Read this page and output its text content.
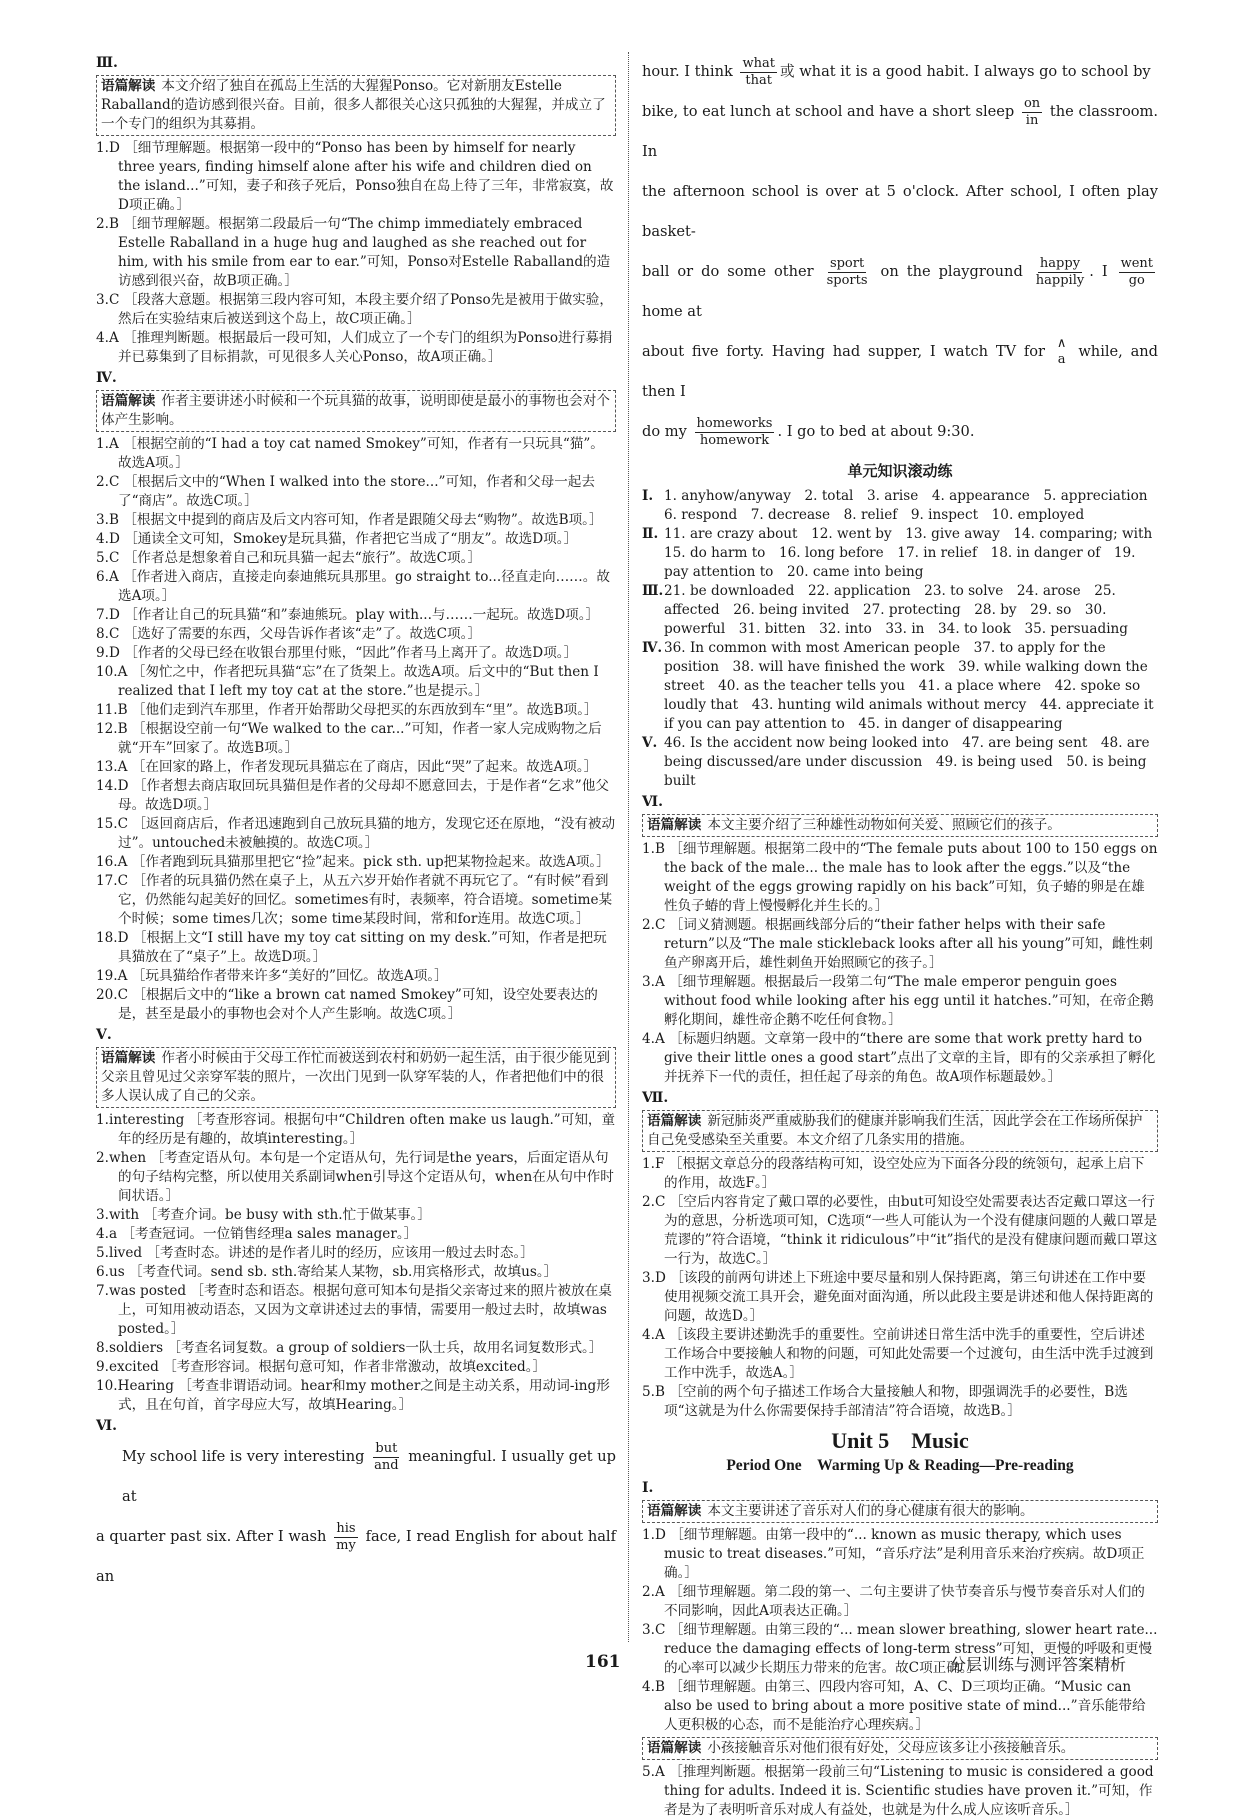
Ⅲ.
语篇解读 本文介绍了独自在孤岛上生活的大猩猩Ponso。它对新朋友Estelle Raballand的造访感到很兴奋。目前，很多人都很关心这只孤独的大猩猩，并成立了一个专门的组织为其募捐。

1.D ［细节理解题。根据第一段中的“Ponso has been by himself for nearly three years, finding himself alone after his wife and children died on the island...”可知，妻子和孩子死后，Ponso独自在岛上待了三年，非常寂寞，故D项正确。］

2.B ［细节理解题。根据第二段最后一句“The chimp immediately embraced Estelle Raballand in a huge hug and laughed as she reached out for him, with his smile from ear to ear.”可知，Ponso对Estelle Raballand的造访感到很兴奋，故B项正确。］

3.C ［段落大意题。根据第三段内容可知，本段主要介绍了Ponso先是被用于做实验，然后在实验结束后被送到这个岛上，故C项正确。］

4.A ［推理判断题。根据最后一段可知，人们成立了一个专门的组织为Ponso进行募捐并已募集到了目标捐款，可见很多人关心Ponso，故A项正确。］

Ⅳ.
语篇解读 作者主要讲述小时候和一个玩具猫的故事，说明即使是最小的事物也会对个体产生影响。

1.A ［根据空前的“I had a toy cat named Smokey”可知，作者有一只玩具“猫”。故选A项。］

2.C ［根据后文中的“When I walked into the store...”可知，作者和父母一起去了“商店”。故选C项。］

3.B ［根据文中提到的商店及后文内容可知，作者是跟随父母去“购物”。故选B项。］

4.D ［通读全文可知，Smokey是玩具猫，作者把它当成了“朋友”。故选D项。］

5.C ［作者总是想象着自己和玩具猫一起去“旅行”。故选C项。］

6.A ［作者进入商店，直接走向泰迪熊玩具那里。go straight to...径直走向……。故选A项。］

7.D ［作者让自己的玩具猫“和”泰迪熊玩。play with...与……一起玩。故选D项。］

8.C ［选好了需要的东西，父母告诉作者该“走”了。故选C项。］

9.D ［作者的父母已经在收银台那里付账，“因此”作者马上离开了。故选D项。］

10.A ［匆忙之中，作者把玩具猫“忘”在了货架上。故选A项。后文中的“But then I realized that I left my toy cat at the store.”也是提示。］

11.B ［他们走到汽车那里，作者开始帮助父母把买的东西放到车“里”。故选B项。］

12.B ［根据设空前一句“We walked to the car...”可知，作者一家人完成购物之后就“开车”回家了。故选B项。］

13.A ［在回家的路上，作者发现玩具猫忘在了商店，因此“哭”了起来。故选A项。］

14.D ［作者想去商店取回玩具猫但是作者的父母却不愿意回去，于是作者“乞求”他父母。故选D项。］

15.C ［返回商店后，作者迅速跑到自己放玩具猫的地方，发现它还在原地，“没有被动过”。untouched未被触摸的。故选C项。］

16.A ［作者跑到玩具猫那里把它“捡”起来。pick sth. up把某物捡起来。故选A项。］

17.C ［作者的玩具猫仍然在桌子上，从五六岁开始作者就不再玩它了。“有时候”看到它，仍然能勾起美好的回忆。sometimes有时，表频率，符合语境。sometime某个时候；some times几次；some time某段时间，常和for连用。故选C项。］

18.D ［根据上文“I still have my toy cat sitting on my desk.”可知，作者是把玩具猫放在了“桌子”上。故选D项。］

19.A ［玩具猫给作者带来许多“美好的”回忆。故选A项。］

20.C ［根据后文中的“like a brown cat named Smokey”可知，设空处要表达的是，甚至是最小的事物也会对个人产生影响。故选C项。］

Ⅴ.
语篇解读 作者小时候由于父母工作忙而被送到农村和奶奶一起生活，由于很少能见到父亲且曾见过父亲穿军装的照片，一次出门见到一队穿军装的人，作者把他们中的很多人误认成了自己的父亲。

1.interesting ［考查形容词。根据句中“Children often make us laugh.”可知，童年的经历是有趣的，故填interesting。］

2.when ［考查定语从句。本句是一个定语从句，先行词是the years，后面定语从句的句子结构完整，所以使用关系副词when引导这个定语从句，when在从句中作时间状语。］

3.with ［考查介词。be busy with sth.忙于做某事。］

4.a ［考查冠词。一位销售经理a sales manager。］

5.lived ［考查时态。讲述的是作者儿时的经历，应该用一般过去时态。］

6.us ［考查代词。send sb. sth.寄给某人某物，sb.用宾格形式，故填us。］

7.was posted ［考查时态和语态。根据句意可知本句是指父亲寄过来的照片被放在桌上，可知用被动语态，又因为文章讲述过去的事情，需要用一般过去时，故填was posted。］

8.soldiers ［考查名词复数。a group of soldiers一队士兵，故用名词复数形式。］

9.excited ［考查形容词。根据句意可知，作者非常激动，故填excited。］

10.Hearing ［考查非谓语动词。hear和my mother之间是主动关系，用动词-ing形式，且在句首，首字母应大写，故填Hearing。］

Ⅵ.
My school life is very interesting $\frac{\text{but}}{\text{and}}$ meaningful. I usually get up at
a quarter past six. After I wash $\frac{\text{his}}{my}$ face, I read English for about half an
hour. I think $\frac{\text{what}}{\text{that}}$ 或 what it is a good habit. I always go to school by
bike, to eat lunch at school and have a short sleep $\frac{on}{in}$ the classroom. In
the afternoon school is over at 5 o'clock. After school, I often play basket-
ball or do some other $\frac{\text{sport}}{\text{sports}}$ on the playground $\frac{\text{happy}}{\text{happily}}$ . I $\frac{\text{went}}{go}$
home at
about five forty. Having had supper, I watch TV for ∧
a while, and then I
do my $\frac{\text{homeworks}}{\text{homework}}$ . I go to bed at about 9:30.
单元知识滚动练
Ⅰ. 1. anyhow/anyway　2. total　3. arise　4. appearance　5. appreciation　6. respond　7. decrease　8. relief　9. inspect　10. employed
Ⅱ. 11. are crazy about　12. went by　13. give away　14. comparing; with　15. do harm to　16. long before　17. in relief　18. in danger of　19. pay attention to　20. came into being
Ⅲ. 21. be downloaded　22. application　23. to solve　24. arose　25. affected　26. being invited　27. protecting　28. by　29. so　30. powerful　31. bitten　32. into　33. in　34. to look　35. persuading
Ⅳ. 36. In common with most American people　37. to apply for the position　38. will have finished the work　39. while walking down the street　40. as the teacher tells you　41. a place where　42. spoke so loudly that　43. hunting wild animals without mercy　44. appreciate it if you can pay attention to　45. in danger of disappearing
Ⅴ. 46. Is the accident now being looked into　47. are being sent　48. are being discussed/are under discussion　49. is being used　50. is being built
Ⅵ.
语篇解读 本文主要介绍了三种雄性动物如何关爱、照顾它们的孩子。

1.B ［细节理解题。根据第二段中的“The female puts about 100 to 150 eggs on the back of the male... the male has to look after the eggs.”以及“the weight of the eggs growing rapidly on his back”可知，负子蝽的卵是在雄性负子蝽的背上慢慢孵化并生长的。］

2.C ［词义猜测题。根据画线部分后的“their father helps with their safe return”以及“The male stickleback looks after all his young”可知，雌性刺鱼产卵离开后，雄性刺鱼开始照顾它的孩子。］

3.A ［细节理解题。根据最后一段第二句“The male emperor penguin goes without food while looking after his egg until it hatches.”可知，在帝企鹅孵化期间，雄性帝企鹅不吃任何食物。］

4.A ［标题归纳题。文章第一段中的“there are some that work pretty hard to give their little ones a good start”点出了文章的主旨，即有的父亲承担了孵化并抚养下一代的责任，担任起了母亲的角色。故A项作标题最妙。］

Ⅶ.
语篇解读 新冠肺炎严重威胁我们的健康并影响我们生活，因此学会在工作场所保护自己免受感染至关重要。本文介绍了几条实用的措施。

1.F ［根据文章总分的段落结构可知，设空处应为下面各分段的统领句，起承上启下的作用，故选F。］

2.C ［空后内容肯定了戴口罩的必要性，由but可知设空处需要表达否定戴口罩这一行为的意思，分析选项可知，C选项“一些人可能认为一个没有健康问题的人戴口罩是荒谬的”符合语境，“think it ridiculous”中“it”指代的是没有健康问题而戴口罩这一行为，故选C。］

3.D ［该段的前两句讲述上下班途中要尽量和别人保持距离，第三句讲述在工作中要使用视频交流工具开会，避免面对面沟通，所以此段主要是讲述和他人保持距离的问题，故选D。］

4.A ［该段主要讲述勤洗手的重要性。空前讲述日常生活中洗手的重要性，空后讲述工作场合中要接触人和物的问题，可知此处需要一个过渡句，由生活中洗手过渡到工作中洗手，故选A。］

5.B ［空前的两个句子描述工作场合大量接触人和物，即强调洗手的必要性，B选项“这就是为什么你需要保持手部清洁”符合语境，故选B。］

Unit 5　Music
Period One　Warming Up & Reading—Pre-reading
Ⅰ.
语篇解读 本文主要讲述了音乐对人们的身心健康有很大的影响。

1.D ［细节理解题。由第一段中的“... known as music therapy, which uses music to treat diseases.”可知，“音乐疗法”是利用音乐来治疗疾病。故D项正确。］

2.A ［细节理解题。第二段的第一、二句主要讲了快节奏音乐与慢节奏音乐对人们的不同影响，因此A项表达正确。］

3.C ［细节理解题。由第三段的“... mean slower breathing, slower heart rate... reduce the damaging effects of long-term stress”可知，更慢的呼吸和更慢的心率可以减少长期压力带来的危害。故C项正确。］

4.B ［细节理解题。由第三、四段内容可知，A、C、D三项均正确。“Music can also be used to bring about a more positive state of mind...”音乐能带给人更积极的心态，而不是能治疗心理疾病。］

语篇解读 小孩接触音乐对他们很有好处，父母应该多让小孩接触音乐。

5.A ［推理判断题。根据第一段前三句“Listening to music is considered a good thing for adults. Indeed it is. Scientific studies have proven it.”可知，作者是为了表明听音乐对成人有益处，也就是为什么成人应该听音乐。］

161	分层训练与测评答案精析
